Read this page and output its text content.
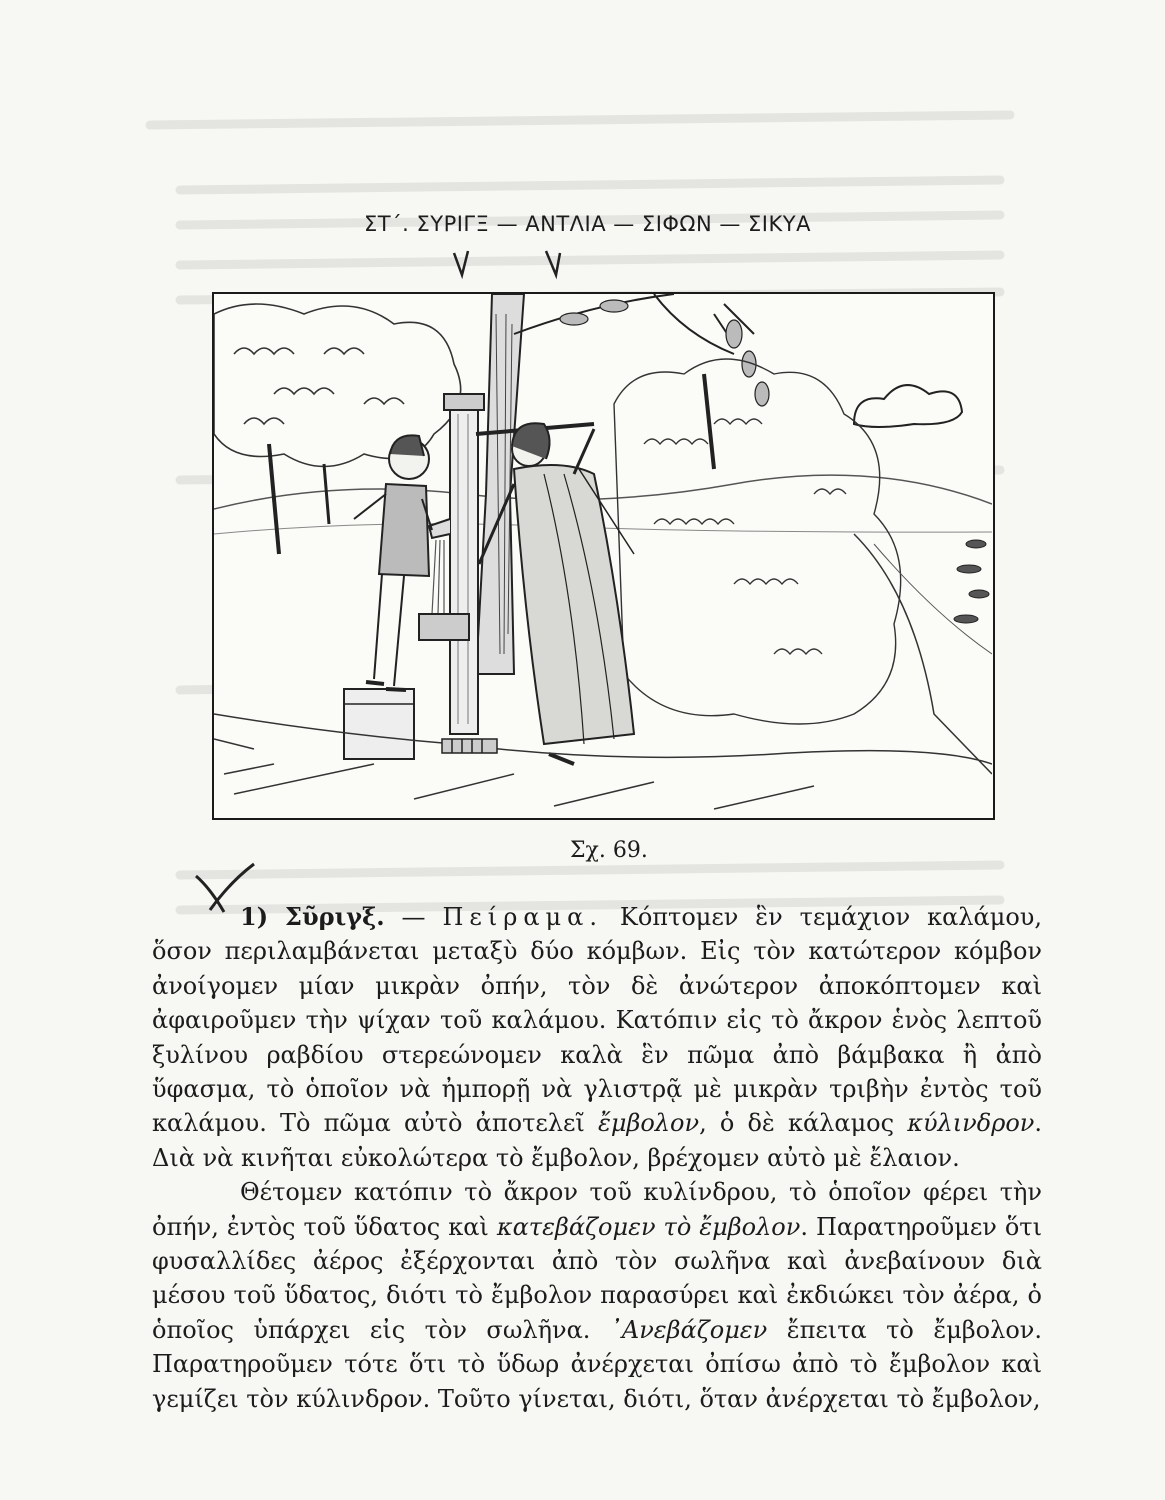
ΣΤ΄. ΣΥΡΙΓΞ — ΑΝΤΛΙΑ — ΣΙΦΩΝ — ΣΙΚΥΑ
Σχ. 69.

1) Σῦριγξ. — Πείραμα. Κόπτομεν ἓν τεμάχιον καλάμου, ὅσον περιλαμβάνεται μεταξὺ δύο κόμβων. Εἰς τὸν κατώτερον κόμβον ἀνοίγομεν μίαν μικρὰν ὀπήν, τὸν δὲ ἀνώτερον ἀποκόπτομεν καὶ ἀφαιροῦμεν τὴν ψίχαν τοῦ καλάμου. Κατόπιν εἰς τὸ ἄκρον ἑνὸς λεπτοῦ ξυλίνου ραβδίου στερεώνομεν καλὰ ἓν πῶμα ἀπὸ βάμβακα ἢ ἀπὸ ὕφασμα, τὸ ὁποῖον νὰ ἠμπορῇ νὰ γλιστρᾷ μὲ μικρὰν τριβὴν ἐντὸς τοῦ καλάμου. Τὸ πῶμα αὐτὸ ἀποτελεῖ ἔμβολον, ὁ δὲ κάλαμος κύλινδρον. Διὰ νὰ κινῆται εὐκολώτερα τὸ ἔμβολον, βρέχομεν αὐτὸ μὲ ἔλαιον.

Θέτομεν κατόπιν τὸ ἄκρον τοῦ κυλίνδρου, τὸ ὁποῖον φέρει τὴν ὀπήν, ἐντὸς τοῦ ὕδατος καὶ κατεβάζομεν τὸ ἔμβολον. Παρατηροῦμεν ὅτι φυσαλλίδες ἀέρος ἐξέρχονται ἀπὸ τὸν σωλῆνα καὶ ἀνεβαίνουν διὰ μέσου τοῦ ὕδατος, διότι τὸ ἔμβολον παρασύρει καὶ ἐκδιώκει τὸν ἀέρα, ὁ ὁποῖος ὑπάρχει εἰς τὸν σωλῆνα. ᾿Ανεβάζομεν ἔπειτα τὸ ἔμβολον. Παρατηροῦμεν τότε ὅτι τὸ ὕδωρ ἀνέρχεται ὀπίσω ἀπὸ τὸ ἔμβολον καὶ γεμίζει τὸν κύλινδρον. Τοῦτο γίνεται, διότι, ὅταν ἀνέρχεται τὸ ἔμβολον,
